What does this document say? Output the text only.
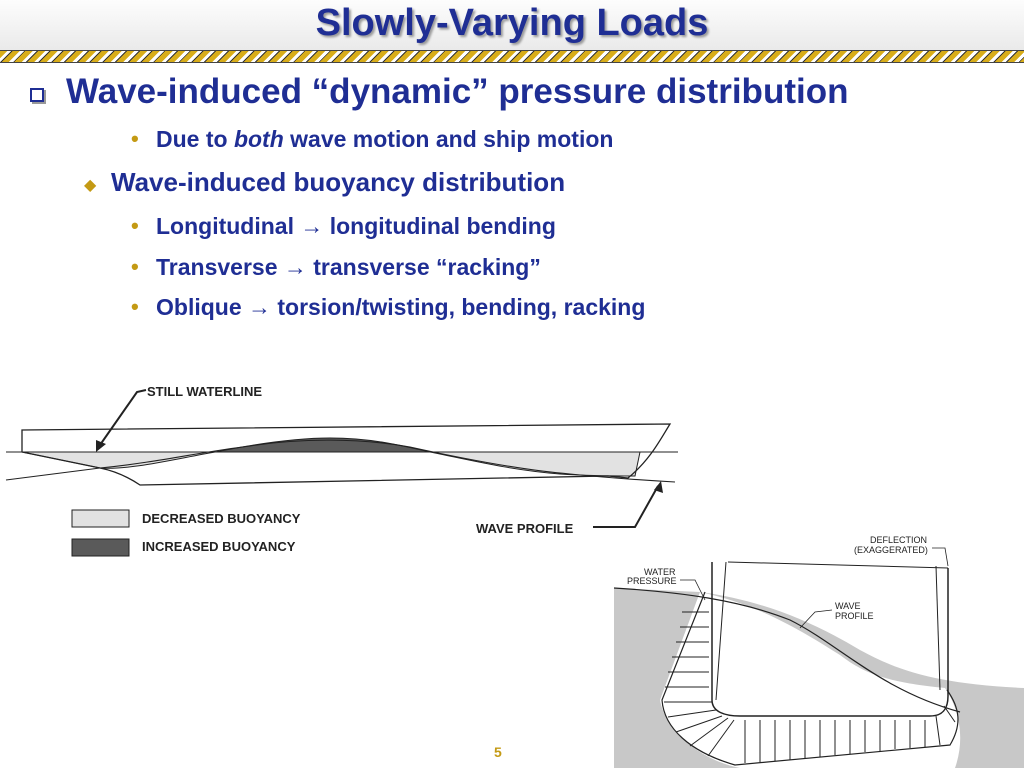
Slowly-Varying Loads
Wave-induced “dynamic” pressure distribution
• Due to both wave motion and ship motion
◆ Wave-induced buoyancy distribution
• Longitudinal → longitudinal bending
• Transverse → transverse “racking”
• Oblique → torsion/twisting, bending, racking
STILL WATERLINE
WAVE PROFILE
DECREASED BUOYANCY
INCREASED BUOYANCY
WATER
PRESSURE
WAVE
PROFILE
DEFLECTION
(EXAGGERATED)
5
